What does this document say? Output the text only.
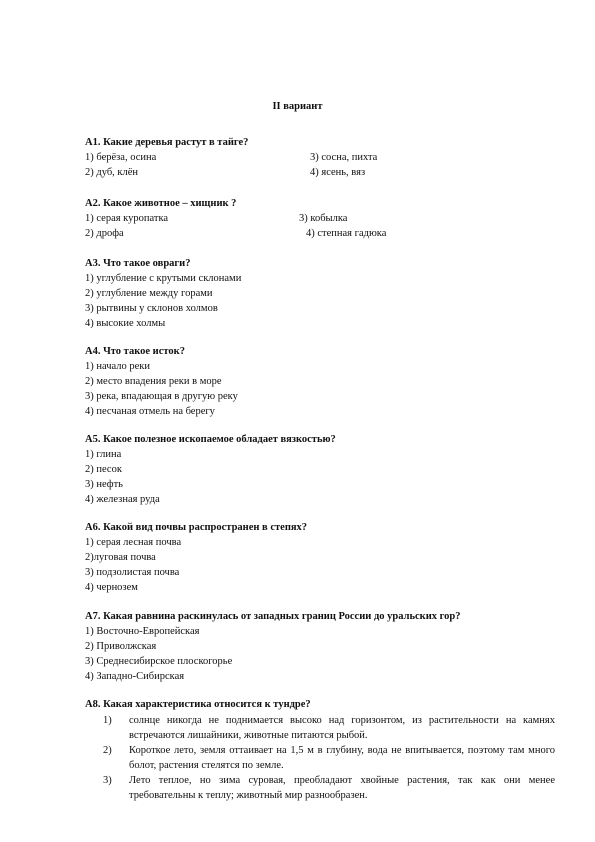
II вариант
А1. Какие деревья растут в тайге?
1) берёза, осина	3) сосна, пихта
2) дуб, клён	4) ясень, вяз
А2. Какое животное – хищник ?
1) серая куропатка	3) кобылка
2) дрофа	4) степная гадюка
А3. Что такое овраги?
1) углубление с крутыми склонами
2) углубление между горами
3) рытвины у склонов холмов
4) высокие холмы
А4. Что такое исток?
1) начало реки
2) место впадения реки в море
3) река, впадающая в другую реку
4) песчаная отмель на берегу
А5. Какое полезное ископаемое обладает вязкостью?
1) глина
2) песок
3) нефть
4) железная руда
А6. Какой вид почвы распространен в степях?
1) серая лесная почва
2)луговая почва
3) подзолистая почва
4) чернозем
А7. Какая равнина раскинулась от западных границ России до уральских гор?
1) Восточно-Европейская
2) Приволжская
3) Среднесибирское плоскогорье
4) Западно-Сибирская
А8. Какая характеристика относится к тундре?
1) солнце никогда не поднимается высоко над горизонтом, из растительности на камнях встречаются лишайники, животные питаются рыбой.
2) Короткое лето, земля оттаивает на 1,5 м в глубину, вода не впитывается, поэтому там много болот, растения стелятся по земле.
3) Лето теплое, но зима суровая, преобладают хвойные растения, так как они менее требовательны к теплу; животный мир разнообразен.
